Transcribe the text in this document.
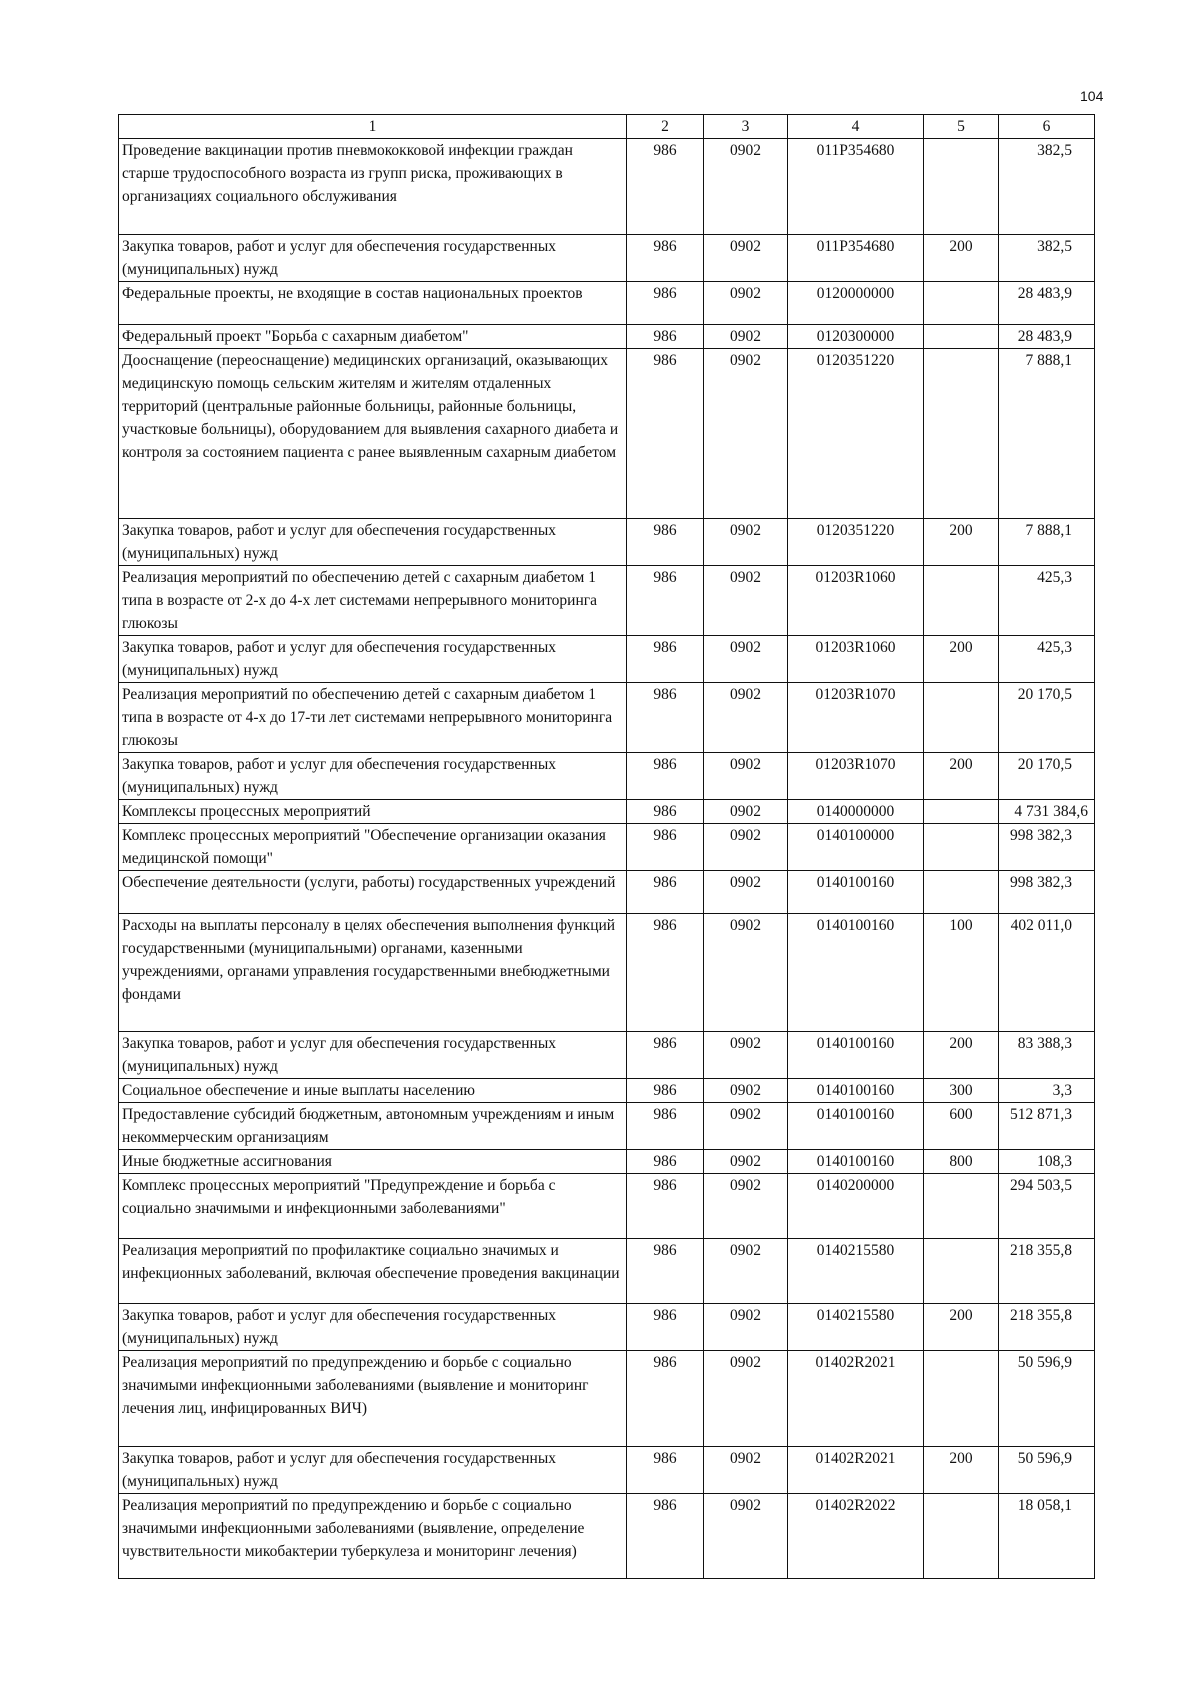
104
1	2	3	4	5	6
Проведение вакцинации против пневмококковой инфекции граждан старше трудоспособного возраста из групп риска, проживающих в организациях социального обслуживания	986	0902	011P354680		382,5
Закупка товаров, работ и услуг для обеспечения государственных (муниципальных) нужд	986	0902	011P354680	200	382,5
Федеральные проекты, не входящие в состав национальных проектов	986	0902	0120000000		28 483,9
Федеральный проект "Борьба с сахарным диабетом"	986	0902	0120300000		28 483,9
Дооснащение (переоснащение) медицинских организаций, оказывающих медицинскую помощь сельским жителям и жителям отдаленных территорий (центральные районные больницы, районные больницы, участковые больницы), оборудованием для выявления сахарного диабета и контроля за состоянием пациента с ранее выявленным сахарным диабетом	986	0902	0120351220		7 888,1
Закупка товаров, работ и услуг для обеспечения государственных (муниципальных) нужд	986	0902	0120351220	200	7 888,1
Реализация мероприятий по обеспечению детей с сахарным диабетом 1 типа в возрасте от 2-х до 4-х лет системами непрерывного мониторинга глюкозы	986	0902	01203R1060		425,3
Закупка товаров, работ и услуг для обеспечения государственных (муниципальных) нужд	986	0902	01203R1060	200	425,3
Реализация мероприятий по обеспечению детей с сахарным диабетом 1 типа в возрасте от 4-х до 17-ти лет системами непрерывного мониторинга глюкозы	986	0902	01203R1070		20 170,5
Закупка товаров, работ и услуг для обеспечения государственных (муниципальных) нужд	986	0902	01203R1070	200	20 170,5
Комплексы процессных мероприятий	986	0902	0140000000		4 731 384,6
Комплекс процессных мероприятий "Обеспечение организации оказания медицинской помощи"	986	0902	0140100000		998 382,3
Обеспечение деятельности (услуги, работы) государственных учреждений	986	0902	0140100160		998 382,3
Расходы на выплаты персоналу в целях обеспечения выполнения функций государственными (муниципальными) органами, казенными учреждениями, органами управления государственными внебюджетными фондами	986	0902	0140100160	100	402 011,0
Закупка товаров, работ и услуг для обеспечения государственных (муниципальных) нужд	986	0902	0140100160	200	83 388,3
Социальное обеспечение и иные выплаты населению	986	0902	0140100160	300	3,3
Предоставление субсидий бюджетным, автономным учреждениям и иным некоммерческим организациям	986	0902	0140100160	600	512 871,3
Иные бюджетные ассигнования	986	0902	0140100160	800	108,3
Комплекс процессных мероприятий "Предупреждение и борьба с социально значимыми и инфекционными заболеваниями"	986	0902	0140200000		294 503,5
Реализация мероприятий по профилактике социально значимых и инфекционных заболеваний, включая обеспечение проведения вакцинации	986	0902	0140215580		218 355,8
Закупка товаров, работ и услуг для обеспечения государственных (муниципальных) нужд	986	0902	0140215580	200	218 355,8
Реализация мероприятий по предупреждению и борьбе с социально значимыми инфекционными заболеваниями (выявление и мониторинг лечения лиц, инфицированных ВИЧ)	986	0902	01402R2021		50 596,9
Закупка товаров, работ и услуг для обеспечения государственных (муниципальных) нужд	986	0902	01402R2021	200	50 596,9
Реализация мероприятий по предупреждению и борьбе с социально значимыми инфекционными заболеваниями (выявление, определение чувствительности микобактерии туберкулеза и мониторинг лечения)	986	0902	01402R2022		18 058,1
